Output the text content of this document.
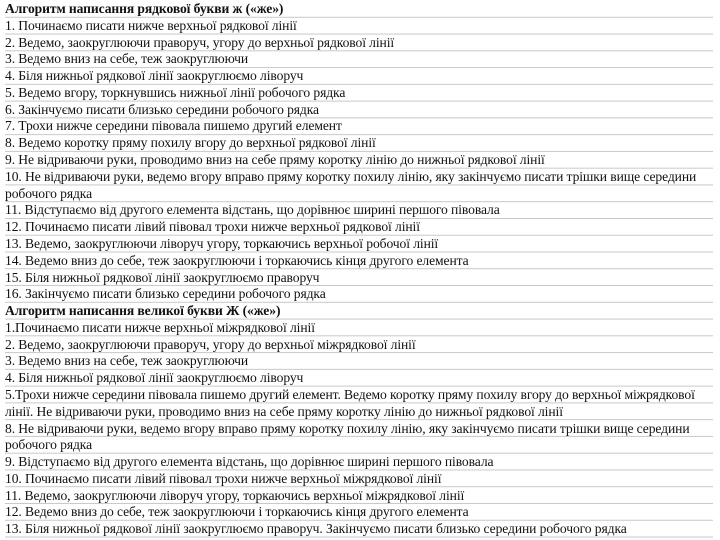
Алгоритм написання рядкової букви ж («же»)

1. Починаємо писати нижче верхньої рядкової лінії

2. Ведемо, заокруглюючи праворуч, угору до верхньої рядкової лінії

3. Ведемо вниз на себе, теж заокруглюючи

4. Біля нижньої рядкової лінії заокруглюємо ліворуч

5. Ведемо вгору, торкнувшись нижньої лінії робочого рядка

6. Закінчуємо писати близько середини робочого рядка

7. Трохи нижче середини півовала пишемо другий елемент

8. Ведемо коротку пряму похилу вгору до верхньої рядкової лінії

9. Не відриваючи руки, проводимо вниз на себе пряму коротку лінію до нижньої рядкової лінії

10. Не відриваючи руки, ведемо вгору вправо пряму коротку похилу лінію, яку закінчуємо писати трішки вище середини робочого рядка

11. Відступаємо від другого елемента відстань, що дорівнює ширині першого півовала

12. Починаємо писати лівий півовал трохи нижче верхньої рядкової лінії

13. Ведемо, заокруглюючи ліворуч угору, торкаючись верхньої робочої лінії

14. Ведемо вниз до себе, теж заокруглюючи і торкаючись кінця другого елемента

15. Біля нижньої рядкової лінії заокруглюємо праворуч

16. Закінчуємо писати близько середини робочого рядка

Алгоритм написання великої букви Ж («же»)

1.Починаємо писати нижче верхньої міжрядкової лінії

2. Ведемо, заокруглюючи праворуч, угору до верхньої міжрядкової лінії

3. Ведемо вниз на себе, теж заокруглюючи

4. Біля нижньої рядкової лінії заокруглюємо ліворуч

5.Трохи нижче середини півовала пишемо другий елемент. Ведемо коротку пряму похилу вгору до верхньої міжрядкової лінії. Не відриваючи руки, проводимо вниз на себе пряму коротку лінію до нижньої рядкової лінії

8. Не відриваючи руки, ведемо вгору вправо пряму коротку похилу лінію, яку закінчуємо писати трішки вище середини робочого рядка

9. Відступаємо від другого елемента відстань, що дорівнює ширині першого півовала

10. Починаємо писати лівий півовал трохи нижче верхньої міжрядкової лінії

11. Ведемо, заокруглюючи ліворуч угору, торкаючись верхньої міжрядкової лінії

12. Ведемо вниз до себе, теж заокруглюючи і торкаючись кінця другого елемента

13. Біля нижньої рядкової лінії заокруглюємо праворуч. Закінчуємо писати близько середини робочого рядка
